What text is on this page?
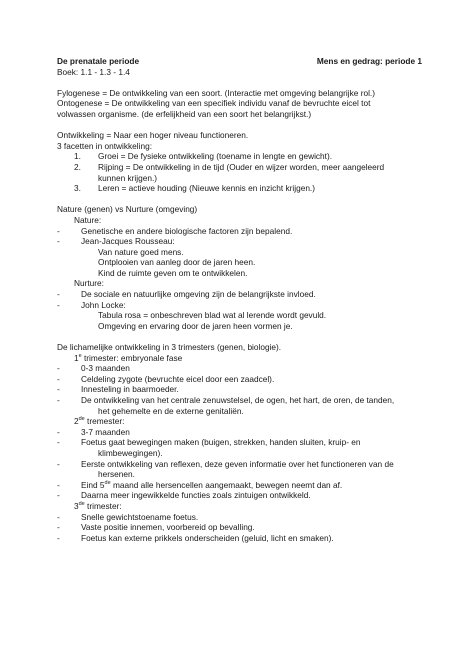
De prenatale periode	Mens en gedrag: periode 1
Boek: 1.1 - 1.3 - 1.4
Fylogenese = De ontwikkeling van een soort. (Interactie met omgeving belangrijke rol.)
Ontogenese = De ontwikkeling van een specifiek individu vanaf de bevruchte eicel tot
volwassen organisme. (de erfelijkheid van een soort het belangrijkst.)
Ontwikkeling = Naar een hoger niveau functioneren.
3 facetten in ontwikkeling:
1.	Groei = De fysieke ontwikkeling (toename in lengte en gewicht).
2.	Rijping = De ontwikkeling in de tijd (Ouder en wijzer worden, meer aangeleerd
kunnen krijgen.)
3.	Leren = actieve houding (Nieuwe kennis en inzicht krijgen.)
Nature (genen) vs Nurture (omgeving)
Nature:
-	Genetische en andere biologische factoren zijn bepalend.
-	Jean-Jacques Rousseau:
Van nature goed mens.
Ontplooien van aanleg door de jaren heen.
Kind de ruimte geven om te ontwikkelen.
Nurture:
-	De sociale en natuurlijke omgeving zijn de belangrijkste invloed.
-	John Locke:
Tabula rosa = onbeschreven blad wat al lerende wordt gevuld.
Omgeving en ervaring door de jaren heen vormen je.
De lichamelijke ontwikkeling in 3 trimesters (genen, biologie).
1e trimester: embryonale fase
-	0-3 maanden
-	Celdeling zygote (bevruchte eicel door een zaadcel).
-	Innesteling in baarmoeder.
-	De ontwikkeling van het centrale zenuwstelsel, de ogen, het hart, de oren, de tanden,
het gehemelte en de externe genitaliën.
2de tremester:
-	3-7 maanden
-	Foetus gaat bewegingen maken (buigen, strekken, handen sluiten, kruip- en
klimbewegingen).
-	Eerste ontwikkeling van reflexen, deze geven informatie over het functioneren van de
hersenen.
-	Eind 5de maand alle hersencellen aangemaakt, bewegen neemt dan af.
-	Daarna meer ingewikkelde functies zoals zintuigen ontwikkeld.
3de trimester:
-	Snelle gewichtstoename foetus.
-	Vaste positie innemen, voorbereid op bevalling.
-	Foetus kan externe prikkels onderscheiden (geluid, licht en smaken).
